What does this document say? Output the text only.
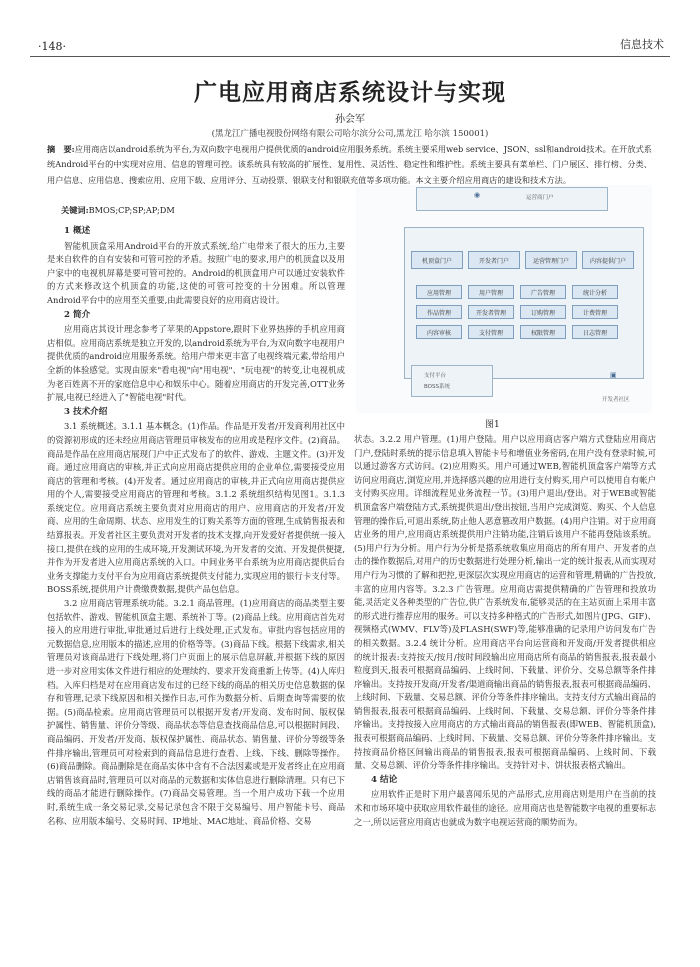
·148·	信息技术
广电应用商店系统设计与实现
孙会军
(黑龙江广播电视股份网络有限公司哈尔滨分公司,黑龙江 哈尔滨 150001)
摘　要:应用商店以android系统为平台,为双向数字电视用户提供优质的android应用服务系统。系统主要采用web service、JSON、ssl和android技术。在开放式系统Android平台的中实现对应用、信息的管理可控。该系统具有较高的扩展性、复用性、灵活性、稳定性和维护性。系统主要具有菜单栏、门户展区、排行榜、分类、用户信息、应用信息、搜索应用、应用下载、应用评分、互动投票、银联支付和银联充值等多项功能。本文主要介绍应用商店的建设和技术方法。
关键词:BMOS;CP;SP;AP;DM
1 概述

智能机顶盒采用Android平台的开放式系统,给广电带来了很大的压力,主要是来自软件的自有安装和可管可控的矛盾。按照广电的要求,用户的机顶盒以及用户家中的电视机屏幕是要可管可控的。Android的机顶盒用户可以通过安装软件的方式来修改这个机顶盒的功能,这使的可管可控变的十分困难。所以管理Android平台中的应用至关重要,由此需要良好的应用商店设计。

2 简介

应用商店其设计理念参考了苹果的Appstore,跟时下业界热捧的手机应用商店相似。应用商店系统是独立开发的,以android系统为平台,为双向数字电视用户提供优质的android应用服务系统。给用户带来更丰富了电视终端元素,带给用户全新的体验感觉。实现由原来"看电视"向"用电视"、"玩电视"的转变,让电视机成为老百姓离不开的家庭信息中心和娱乐中心。随着应用商店的开发完善,OTT业务扩展,电视已经进入了"智能电视"时代。

3 技术介绍

3.1 系统概述。3.1.1 基本概念。(1)作品。作品是开发者/开发商利用社区中的资源初形成的还未经应用商店管理员审核发布的应用或是程序文件。(2)商品。商品是作品在应用商店展现门户中正式发布了的软件、游戏、主题文件。(3)开发商。通过应用商店的审核,并正式向应用商店提供应用的企业单位,需要接受应用商店的管理和考核。(4)开发者。通过应用商店的审核,并正式向应用商店提供应用的个人,需要接受应用商店的管理和考核。3.1.2 系统组织结构见图1。3.1.3 系统定位。应用商店系统主要负责对应用商店的用户、应用商店的开发者/开发商、应用的生命周期、状态、应用发生的订购关系等方面的管理,生成销售报表和结算报表。开发者社区主要负责对开发者的技术支撑,向开发爱好者提供统一接入接口,提供在线的应用的生成环境,开发测试环境,为开发者的交流、开发提供便捷,并作为开发者进入应用商店系统的入口。中间业务平台系统为应用商店提供后台业务支撑能力支付平台为应用商店系统提供支付能力,实现应用的银行卡支付等。BOSS系统,提供用户计费缴费数据,提供产品包信息。

3.2 应用商店管理系统功能。3.2.1 商品管理。(1)应用商店的商品类型主要包括软件、游戏、智能机顶盒主题、系统补丁等。(2)商品上线。应用商店首先对接入的应用进行审批,审批通过后进行上线处理,正式发布。审批内容包括应用的元数据信息,应用版本的描述,应用的价格等等。(3)商品下线。根据下线需求,相关管理员对该商品进行下线处理,将门户页面上的展示信息屏蔽,并根据下线的原因进一步对应用实体文件进行相应的处理续约、要求开发商重新上传等。(4)人库归档。入库归档是对在应用商店发布过的已经下线的商品的相关历史信息数据的保存和管理,记录下线原因和相关操作日志,可作为数据分析、后期查询等需要的依据。(5)商品检索。应用商店管理员可以根据开发者/开发商、发布时间、版权保护属性、销售量、评价分等级、商品状态等信息查找商品信息,可以根据时间段、商品编码、开发者/开发商、版权保护属性、商品状态、销售量、评价分等级等条件排序输出,管理员可对检索到的商品信息进行查看、上线、下线、删除等操作。(6)商品删除。商品删除是在商品实体中含有不合法因素或是开发者终止在应用商店销售该商品时,管理员可以对商品的元数据和实体信息进行删除清理。只有已下线的商品才能进行删除操作。(7)商品交易管理。当一个用户成功下载一个应用时,系统生成一条交易记录,交易记录包含不限于交易编号、用户智能卡号、商品名称、应用版本编号、交易时间、IP地址、MAC地址、商品价格、交易

◉	运营商门户
机顶盒门户	开发者门户	运营管理门户	内容提供门户
应用管理	用户管理	广告管理	统计分析
作品管理	开发者管理	订购管理	计费管理
内容审核	支付管理	权限管理	日志管理
支付平台
BOSS系统
▣
开发者社区
图1

状态。3.2.2 用户管理。(1)用户登陆。用户以应用商店客户端方式登陆应用商店门户,登陆时系统的提示信息填入智能卡号和增值业务密码,在用户没有登录时候,可以通过游客方式访问。(2)应用购买。用户可通过WEB,智能机顶盒客户端等方式访问应用商店,浏览应用,并选择感兴趣的应用进行支付购买,用户可以使用自有帐户支付购买应用。详细流程见业务流程一节。(3)用户退出/登出。对于WEB或智能机顶盒客户端登陆方式,系统提供退出/登出按钮,当用户完成浏览、购买、个人信息管理的操作后,可退出系统,防止他人恶意篡改用户数据。(4)用户注销。对于应用商店业务的用户,应用商店系统提供用户注销功能,注销后该用户不能再登陆该系统。(5)用户行为分析。用户行为分析是搭系统收集应用商店的所有用户、开发者的点击的操作数据后,对用户的历史数据进行处理分析,输出一定的统计报表,从而实现对用户行为习惯的了解和把控,更深层次实现应用商店的运营和管理,精确的广告投放,丰富的应用内容等。3.2.3 广告管理。应用商店需提供精确的广告管理和投放功能,灵活定义各种类型的广告位,供广告系统发布,能够灵活的在主站页面上采用丰富的形式进行推荐应用的服务。可以支持多种格式的广告形式,如图片(JPG、GIF)、视频格式(WMV、FLV等)及FLASH(SWF)等,能够准确的记录用户访问发布广告的相关数据。3.2.4 统计分析。应用商店平台向运营商和开发商/开发者提供相应的统计报表:支持按天/按月/按时间段输出应用商店所有商品的销售报表,报表最小粒度到天,报表可根据商品编码、上线时间、下载量、评价分、交易总额等条件排序输出。支持按开发商/开发者/渠道商输出商品的销售报表,报表可根据商品编码、上线时间、下载量、交易总额、评价分等条件排序输出。支持支付方式输出商品的销售报表,报表可根据商品编码、上线时间、下载量、交易总额、评价分等条件排序输出。支持按接入应用商店的方式输出商品的销售报表(即WEB、智能机顶盒),报表可根据商品编码、上线时间、下载量、交易总额、评价分等条件排序输出。支持按商品价格区间输出商品的销售报表,报表可根据商品编码、上线时间、下载量、交易总额、评价分等条件排序输出。支持针对卡、饼状报表格式输出。

4 结论

应用软件正是时下用户最喜闻乐见的产品形式,应用商店则是用户在当前的技术和市场环境中获取应用软件最佳的途径。应用商店也是智能数字电视的重要标志之一,所以运营应用商店也就成为数字电视运营商的顺势而为。
